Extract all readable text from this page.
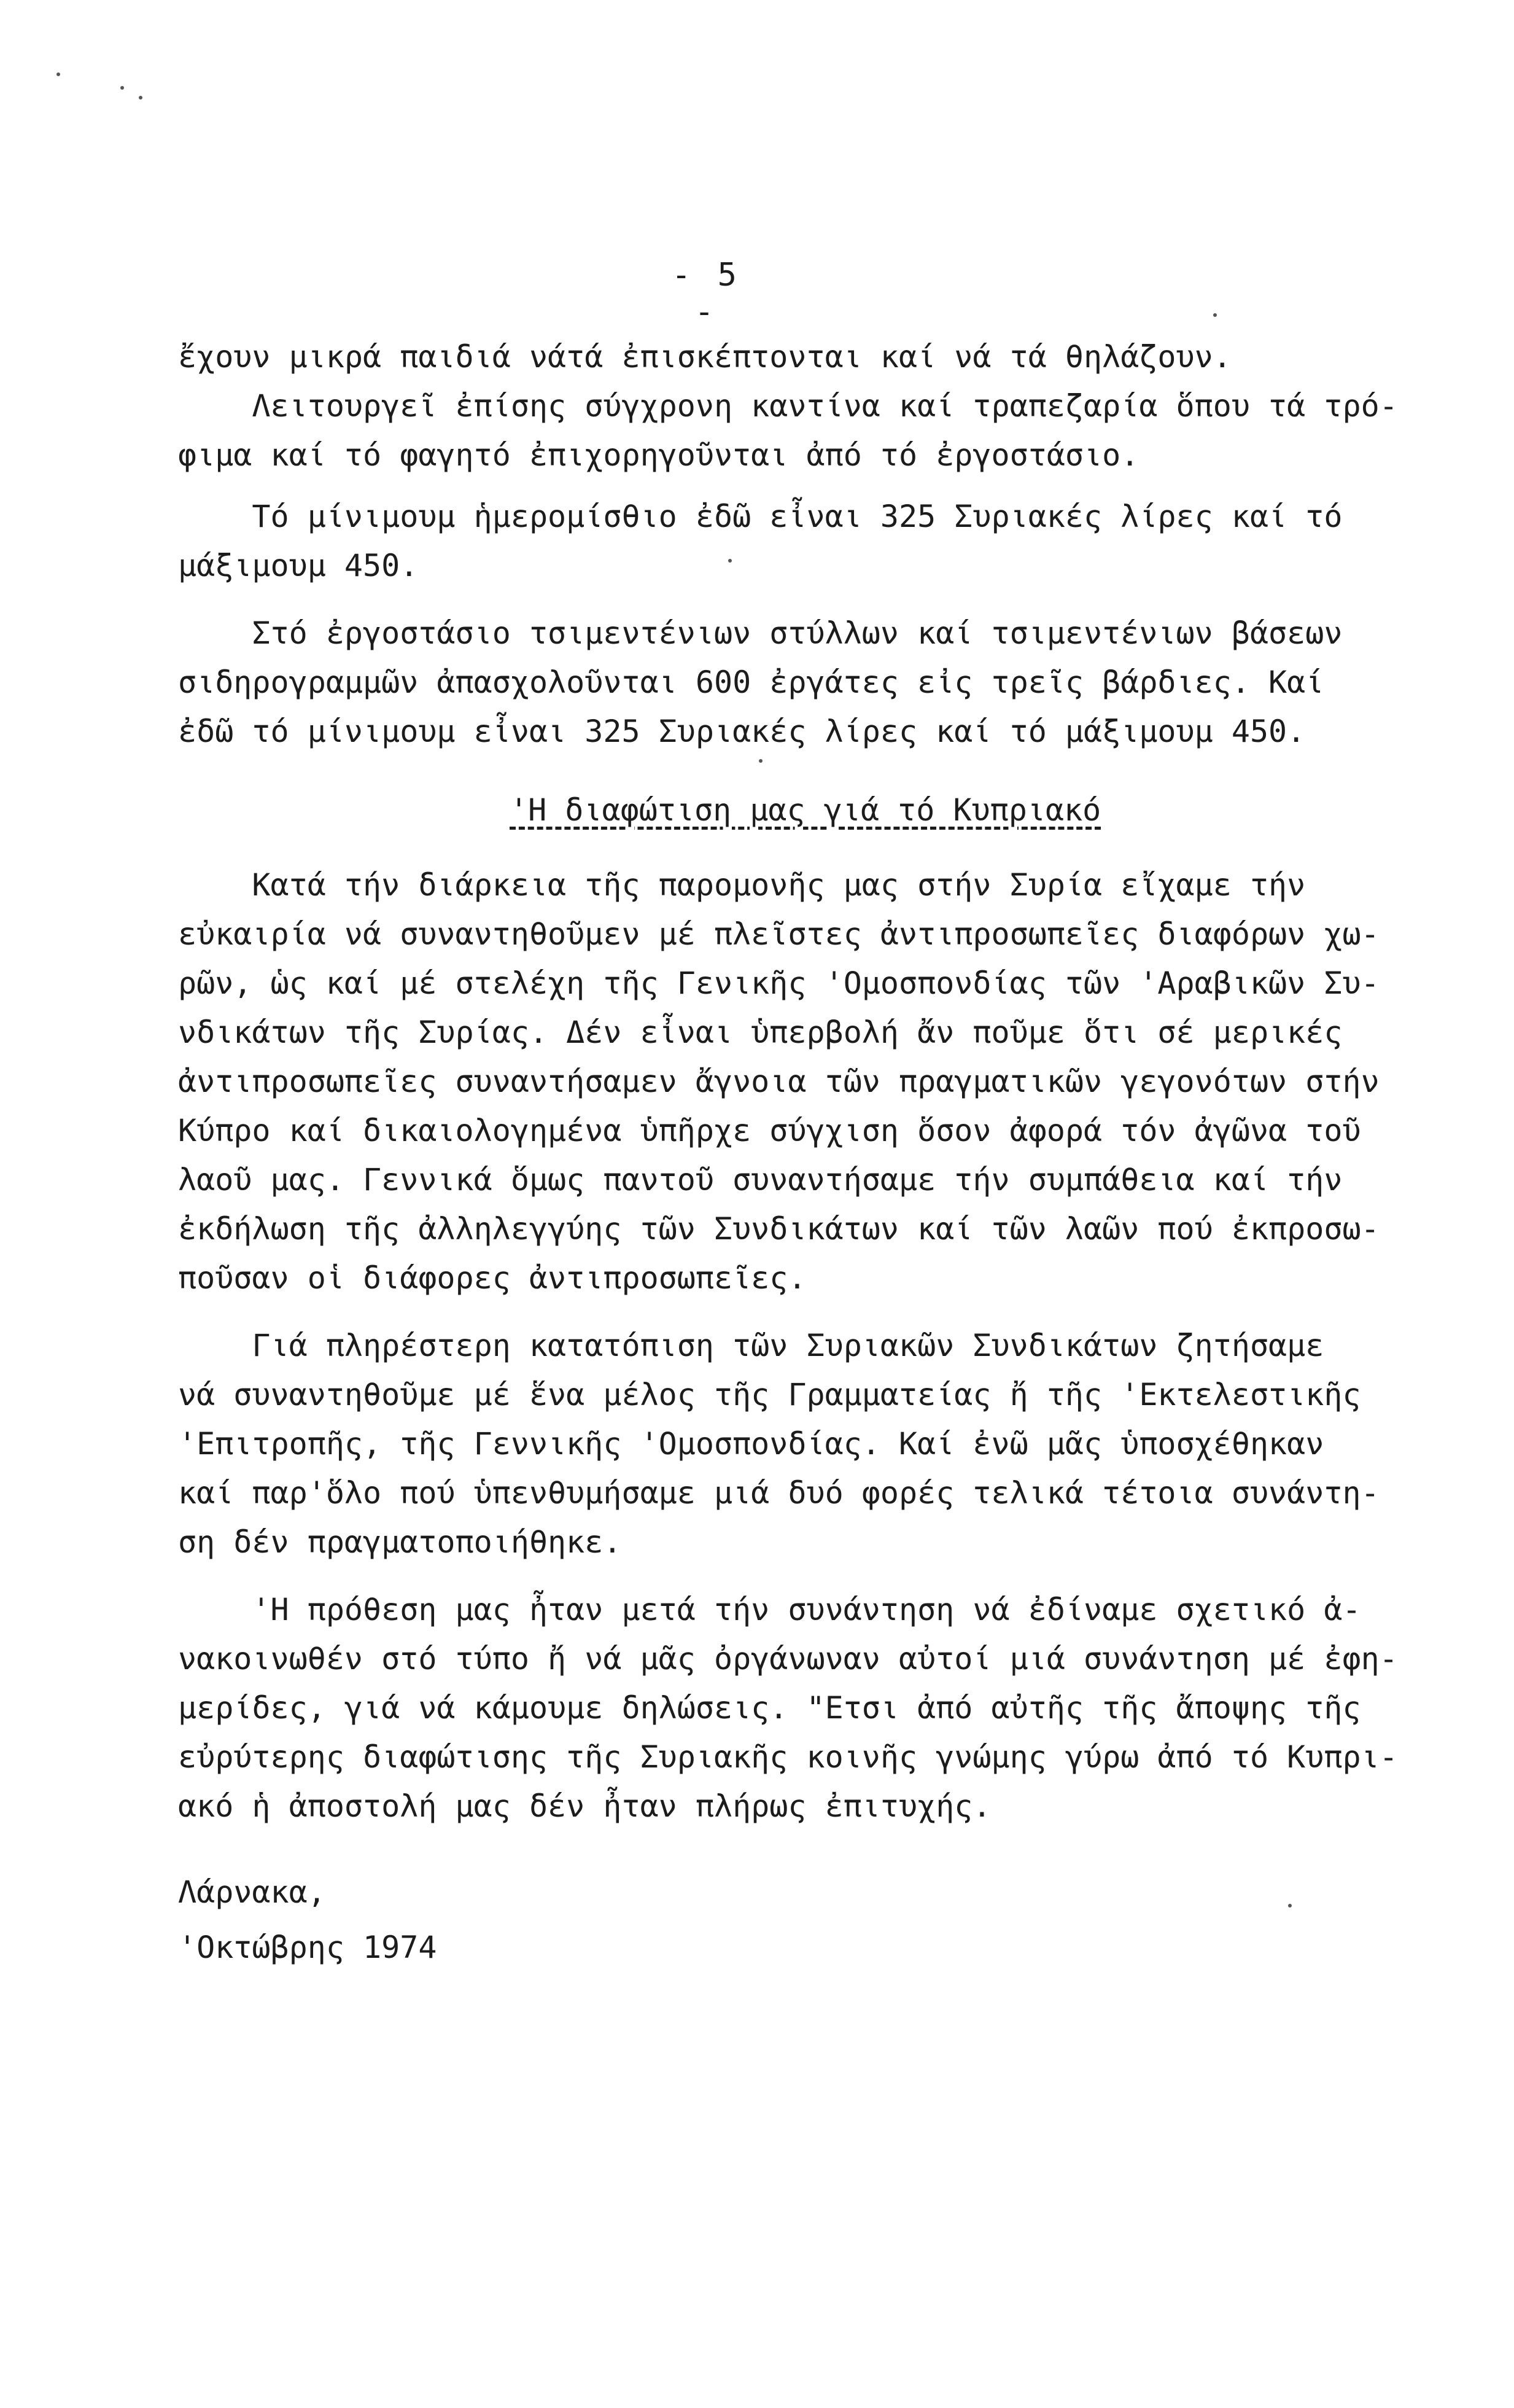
- 5 -
ἔχουν μικρά παιδιά νάτά ἐπισκέπτονται καί νά τά θηλάζουν.
Λειτουργεῖ ἐπίσης σύγχρονη καντίνα καί τραπεζαρία ὅπου τά τρό-
φιμα καί τό φαγητό ἐπιχορηγοῦνται ἀπό τό ἐργοστάσιο.
Τό μίνιμουμ ἡμερομίσθιο ἐδῶ εἶναι 325 Συριακές λίρες καί τό
μάξιμουμ 450.
Στό ἐργοστάσιο τσιμεντένιων στύλλων καί τσιμεντένιων βάσεων
σιδηρογραμμῶν ἀπασχολοῦνται 600 ἐργάτες εἰς τρεῖς βάρδιες. Καί
ἐδῶ τό μίνιμουμ εἶναι 325 Συριακές λίρες καί τό μάξιμουμ 450.
'Η διαφώτιση μας γιά τό Κυπριακό
Κατά τήν διάρκεια τῆς παρομονῆς μας στήν Συρία εἴχαμε τήν
εὐκαιρία νά συναντηθοῦμεν μέ πλεῖστες ἀντιπροσωπεῖες διαφόρων χω-
ρῶν, ὡς καί μέ στελέχη τῆς Γενικῆς 'Ομοσπονδίας τῶν 'Αραβικῶν Συ-
νδικάτων τῆς Συρίας. Δέν εἶναι ὑπερβολή ἄν ποῦμε ὅτι σέ μερικές
ἀντιπροσωπεῖες συναντήσαμεν ἄγνοια τῶν πραγματικῶν γεγονότων στήν
Κύπρο καί δικαιολογημένα ὑπῆρχε σύγχιση ὅσον ἀφορά τόν ἀγῶνα τοῦ
λαοῦ μας. Γεννικά ὅμως παντοῦ συναντήσαμε τήν συμπάθεια καί τήν
ἐκδήλωση τῆς ἀλληλεγγύης τῶν Συνδικάτων καί τῶν λαῶν πού ἐκπροσω-
ποῦσαν οἱ διάφορες ἀντιπροσωπεῖες.
Γιά πληρέστερη κατατόπιση τῶν Συριακῶν Συνδικάτων ζητήσαμε
νά συναντηθοῦμε μέ ἕνα μέλος τῆς Γραμματείας ἤ τῆς 'Εκτελεστικῆς
'Επιτροπῆς, τῆς Γεννικῆς 'Ομοσπονδίας. Καί ἐνῶ μᾶς ὑποσχέθηκαν
καί παρ'ὅλο πού ὑπενθυμήσαμε μιά δυό φορές τελικά τέτοια συνάντη-
ση δέν πραγματοποιήθηκε.
'Η πρόθεση μας ἦταν μετά τήν συνάντηση νά ἐδίναμε σχετικό ἀ-
νακοινωθέν στό τύπο ἤ νά μᾶς ὀργάνωναν αὐτοί μιά συνάντηση μέ ἐφη-
μερίδες, γιά νά κάμουμε δηλώσεις. "Ετσι ἀπό αὐτῆς τῆς ἄποψης τῆς
εὐρύτερης διαφώτισης τῆς Συριακῆς κοινῆς γνώμης γύρω ἀπό τό Κυπρι-
ακό ἡ ἀποστολή μας δέν ἦταν πλήρως ἐπιτυχής.
Λάρνακα,
'Οκτώβρης 1974
